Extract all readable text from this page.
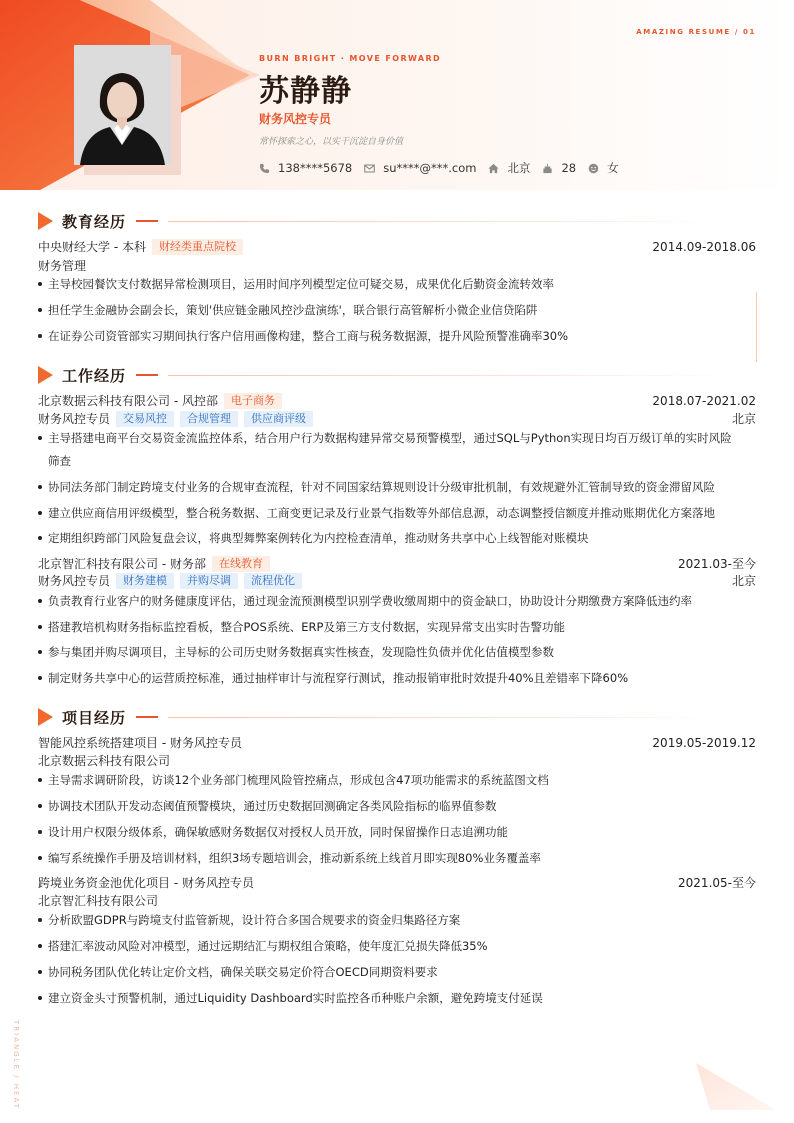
AMAZING RESUME / 01
TRIANGLE / HEAT
BURN BRIGHT · MOVE FORWARD
苏静静
财务风控专员
常怀探索之心，以实干沉淀自身价值
138****5678	su****@***.com	北京	28	女
教育经历
中央财经大学 - 本科	财经类重点院校	2014.09-2018.06
财务管理
主导校园餐饮支付数据异常检测项目，运用时间序列模型定位可疑交易，成果优化后勤资金流转效率
担任学生金融协会副会长，策划'供应链金融风控沙盘演练'，联合银行高管解析小微企业信贷陷阱
在证券公司资管部实习期间执行客户信用画像构建，整合工商与税务数据源，提升风险预警准确率30%
工作经历
北京数据云科技有限公司 - 风控部	电子商务	2018.07-2021.02
财务风控专员	交易风控	合规管理	供应商评级	北京
主导搭建电商平台交易资金流监控体系，结合用户行为数据构建异常交易预警模型，通过SQL与Python实现日均百万级订单的实时风险
筛查
协同法务部门制定跨境支付业务的合规审查流程，针对不同国家结算规则设计分级审批机制，有效规避外汇管制导致的资金滞留风险
建立供应商信用评级模型，整合税务数据、工商变更记录及行业景气指数等外部信息源，动态调整授信额度并推动账期优化方案落地
定期组织跨部门风险复盘会议，将典型舞弊案例转化为内控检查清单，推动财务共享中心上线智能对账模块
北京智汇科技有限公司 - 财务部	在线教育	2021.03-至今
财务风控专员	财务建模	并购尽调	流程优化	北京
负责教育行业客户的财务健康度评估，通过现金流预测模型识别学费收缴周期中的资金缺口，协助设计分期缴费方案降低违约率
搭建教培机构财务指标监控看板，整合POS系统、ERP及第三方支付数据，实现异常支出实时告警功能
参与集团并购尽调项目，主导标的公司历史财务数据真实性核查，发现隐性负债并优化估值模型参数
制定财务共享中心的运营质控标准，通过抽样审计与流程穿行测试，推动报销审批时效提升40%且差错率下降60%
项目经历
智能风控系统搭建项目 - 财务风控专员	2019.05-2019.12
北京数据云科技有限公司
主导需求调研阶段，访谈12个业务部门梳理风险管控痛点，形成包含47项功能需求的系统蓝图文档
协调技术团队开发动态阈值预警模块，通过历史数据回测确定各类风险指标的临界值参数
设计用户权限分级体系，确保敏感财务数据仅对授权人员开放，同时保留操作日志追溯功能
编写系统操作手册及培训材料，组织3场专题培训会，推动新系统上线首月即实现80%业务覆盖率
跨境业务资金池优化项目 - 财务风控专员	2021.05-至今
北京智汇科技有限公司
分析欧盟GDPR与跨境支付监管新规，设计符合多国合规要求的资金归集路径方案
搭建汇率波动风险对冲模型，通过远期结汇与期权组合策略，使年度汇兑损失降低35%
协同税务团队优化转让定价文档，确保关联交易定价符合OECD同期资料要求
建立资金头寸预警机制，通过Liquidity Dashboard实时监控各币种账户余额，避免跨境支付延误
